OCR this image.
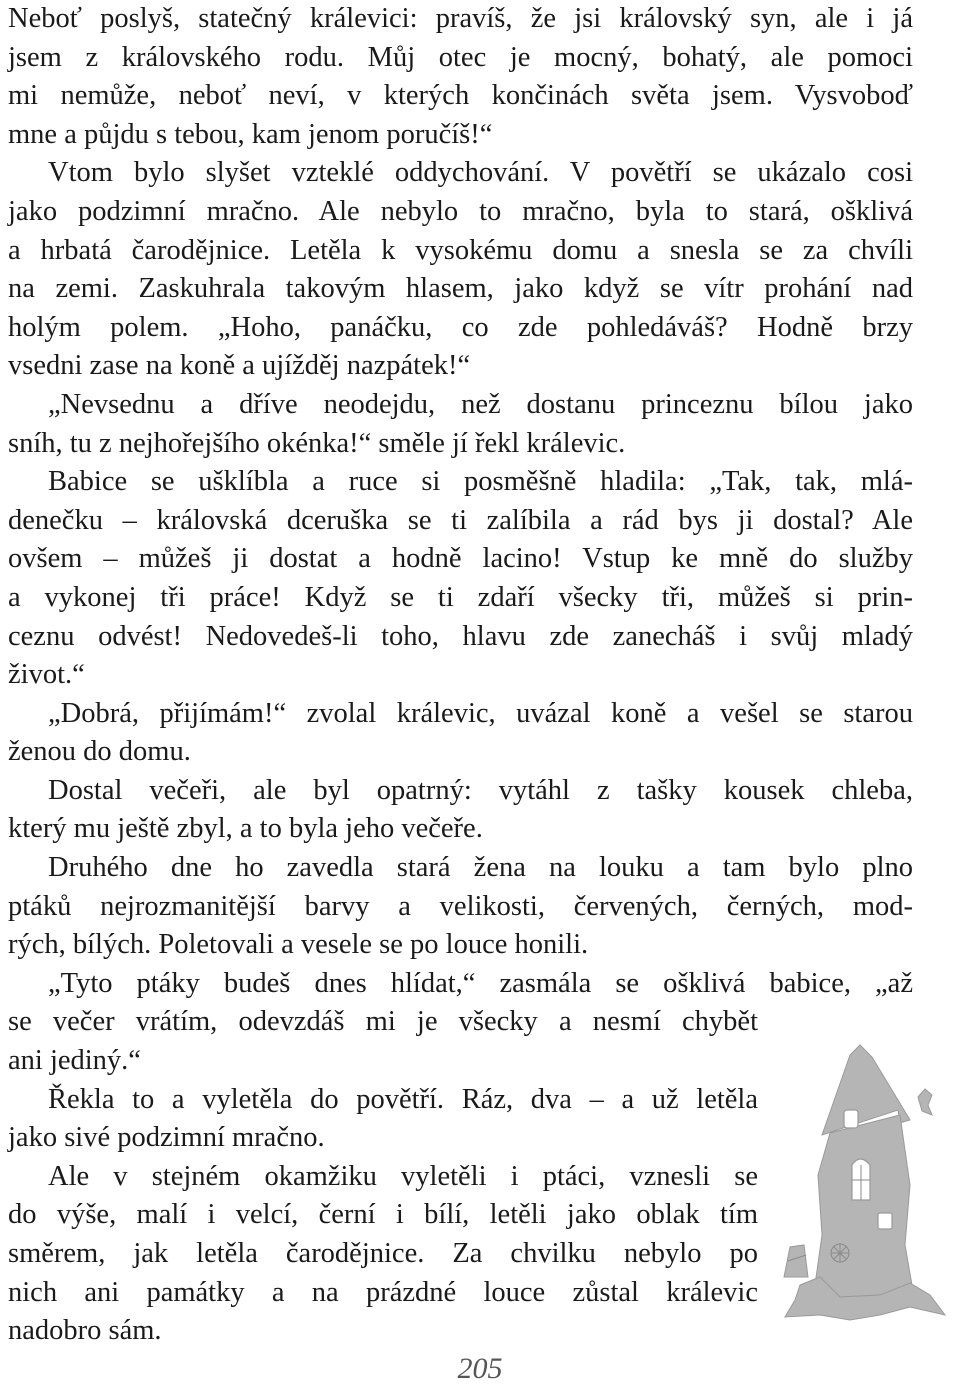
Neboť poslyš, statečný králevici: pravíš, že jsi královský syn, ale i já
jsem z královského rodu. Můj otec je mocný, bohatý, ale pomoci
mi nemůže, neboť neví, v kterých končinách světa jsem. Vysvoboď
mne a půjdu s tebou, kam jenom poručíš!“
Vtom bylo slyšet vzteklé oddychování. V povětří se ukázalo cosi
jako podzimní mračno. Ale nebylo to mračno, byla to stará, ošklivá
a hrbatá čarodějnice. Letěla k vysokému domu a snesla se za chvíli
na zemi. Zaskuhrala takovým hlasem, jako když se vítr prohání nad
holým polem. „Hoho, panáčku, co zde pohledáváš? Hodně brzy
vsedni zase na koně a ujížděj nazpátek!“
„Nevsednu a dříve neodejdu, než dostanu princeznu bílou jako
sníh, tu z nejhořejšího okénka!“ směle jí řekl králevic.
Babice se ušklíbla a ruce si posměšně hladila: „Tak, tak, mlá-
denečku – královská dceruška se ti zalíbila a rád bys ji dostal? Ale
ovšem – můžeš ji dostat a hodně lacino! Vstup ke mně do služby
a vykonej tři práce! Když se ti zdaří všecky tři, můžeš si prin-
ceznu odvést! Nedovedeš-li toho, hlavu zde zanecháš i svůj mladý
život.“
„Dobrá, přijímám!“ zvolal králevic, uvázal koně a vešel se starou
ženou do domu.
Dostal večeři, ale byl opatrný: vytáhl z tašky kousek chleba,
který mu ještě zbyl, a to byla jeho večeře.
Druhého dne ho zavedla stará žena na louku a tam bylo plno
ptáků nejrozmanitější barvy a velikosti, červených, černých, mod-
rých, bílých. Poletovali a vesele se po louce honili.
„Tyto ptáky budeš dnes hlídat,“ zasmála se ošklivá babice, „až
se večer vrátím, odevzdáš mi je všecky a nesmí chybět
ani jediný.“
Řekla to a vyletěla do povětří. Ráz, dva – a už letěla
jako sivé podzimní mračno.
Ale v stejném okamžiku vyletěli i ptáci, vznesli se
do výše, malí i velcí, černí i bílí, letěli jako oblak tím
směrem, jak letěla čarodějnice. Za chvilku nebylo po
nich ani památky a na prázdné louce zůstal králevic
nadobro sám.
205
